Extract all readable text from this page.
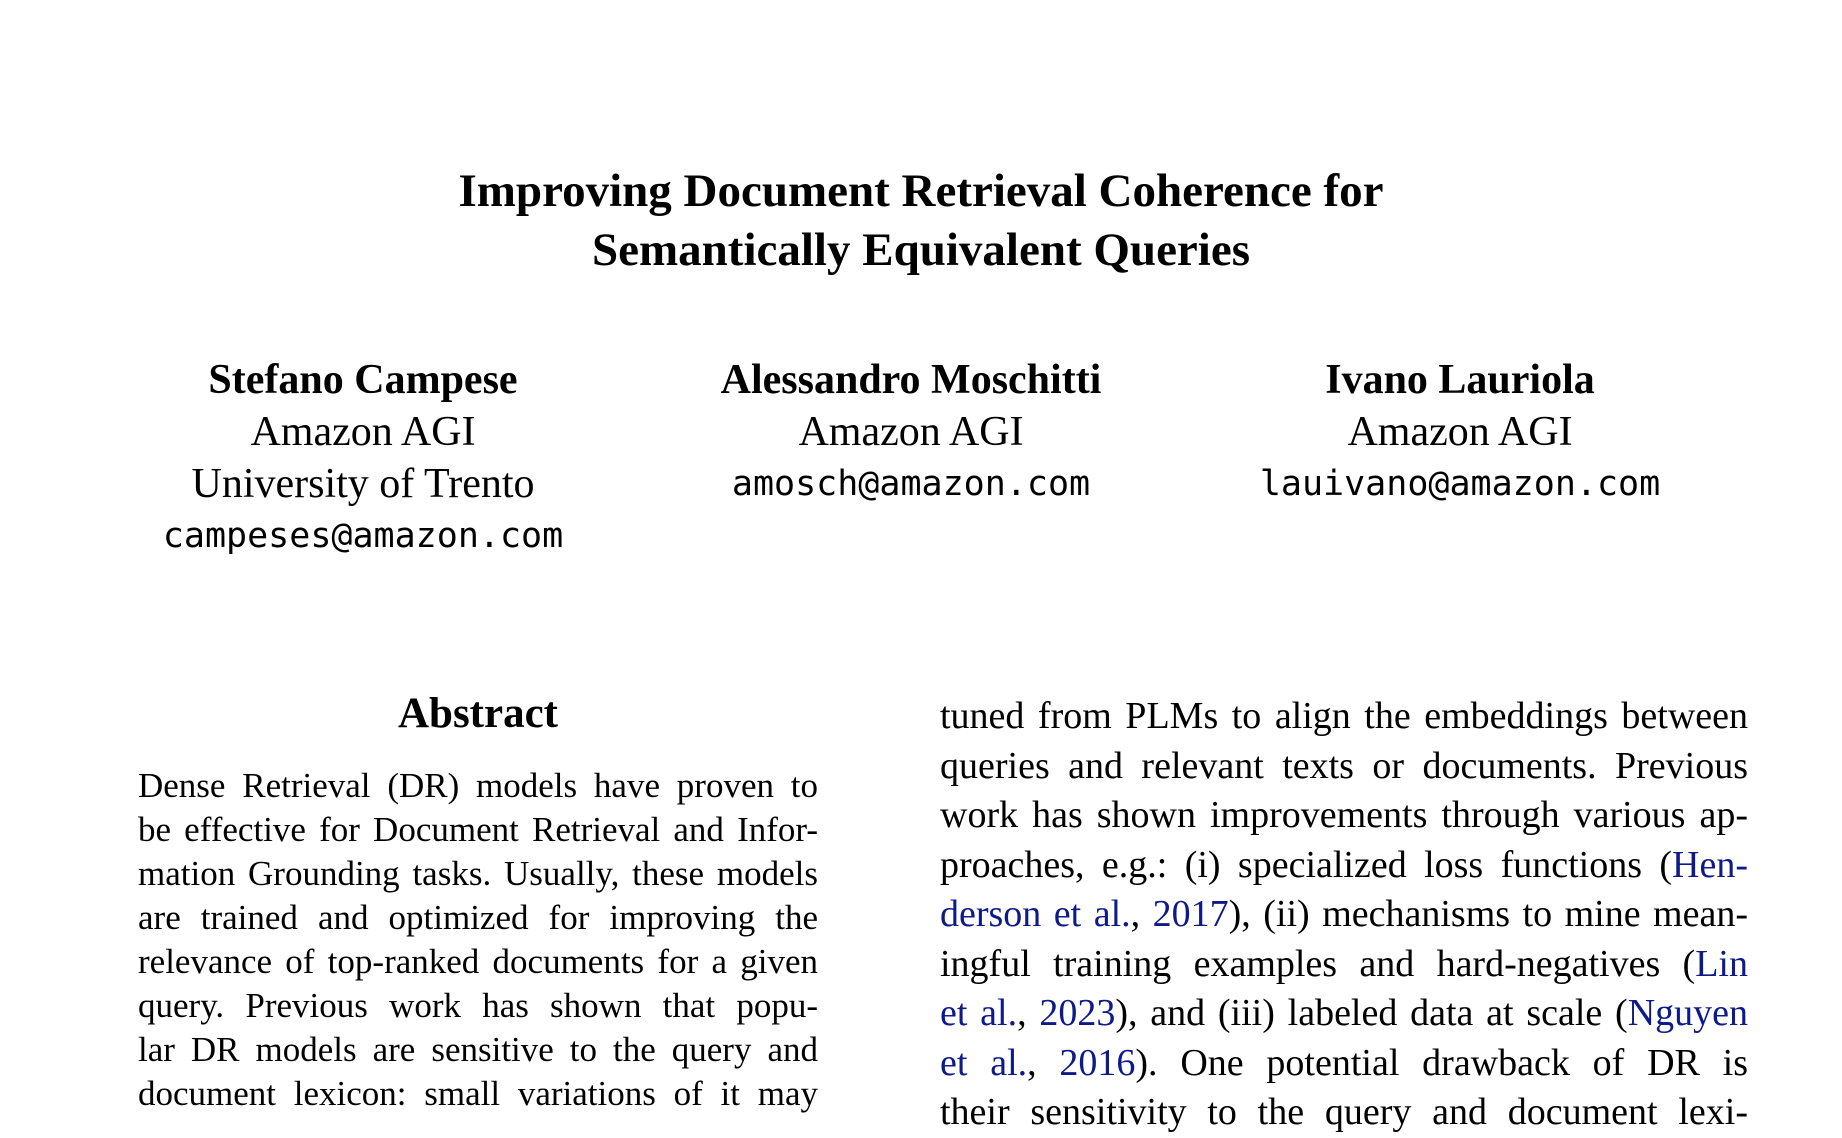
Improving Document Retrieval Coherence for
Semantically Equivalent Queries
Stefano Campese
Amazon AGI
University of Trento
campeses@amazon.com
Alessandro Moschitti
Amazon AGI
amosch@amazon.com
Ivano Lauriola
Amazon AGI
lauivano@amazon.com
Abstract
Dense Retrieval (DR) models have proven to
be effective for Document Retrieval and Infor-
mation Grounding tasks. Usually, these models
are trained and optimized for improving the
relevance of top-ranked documents for a given
query. Previous work has shown that popu-
lar DR models are sensitive to the query and
document lexicon: small variations of it may
tuned from PLMs to align the embeddings between
queries and relevant texts or documents. Previous
work has shown improvements through various ap-
proaches, e.g.: (i) specialized loss functions (Hen-
derson et al., 2017), (ii) mechanisms to mine mean-
ingful training examples and hard-negatives (Lin
et al., 2023), and (iii) labeled data at scale (Nguyen
et al., 2016). One potential drawback of DR is
their sensitivity to the query and document lexi-
